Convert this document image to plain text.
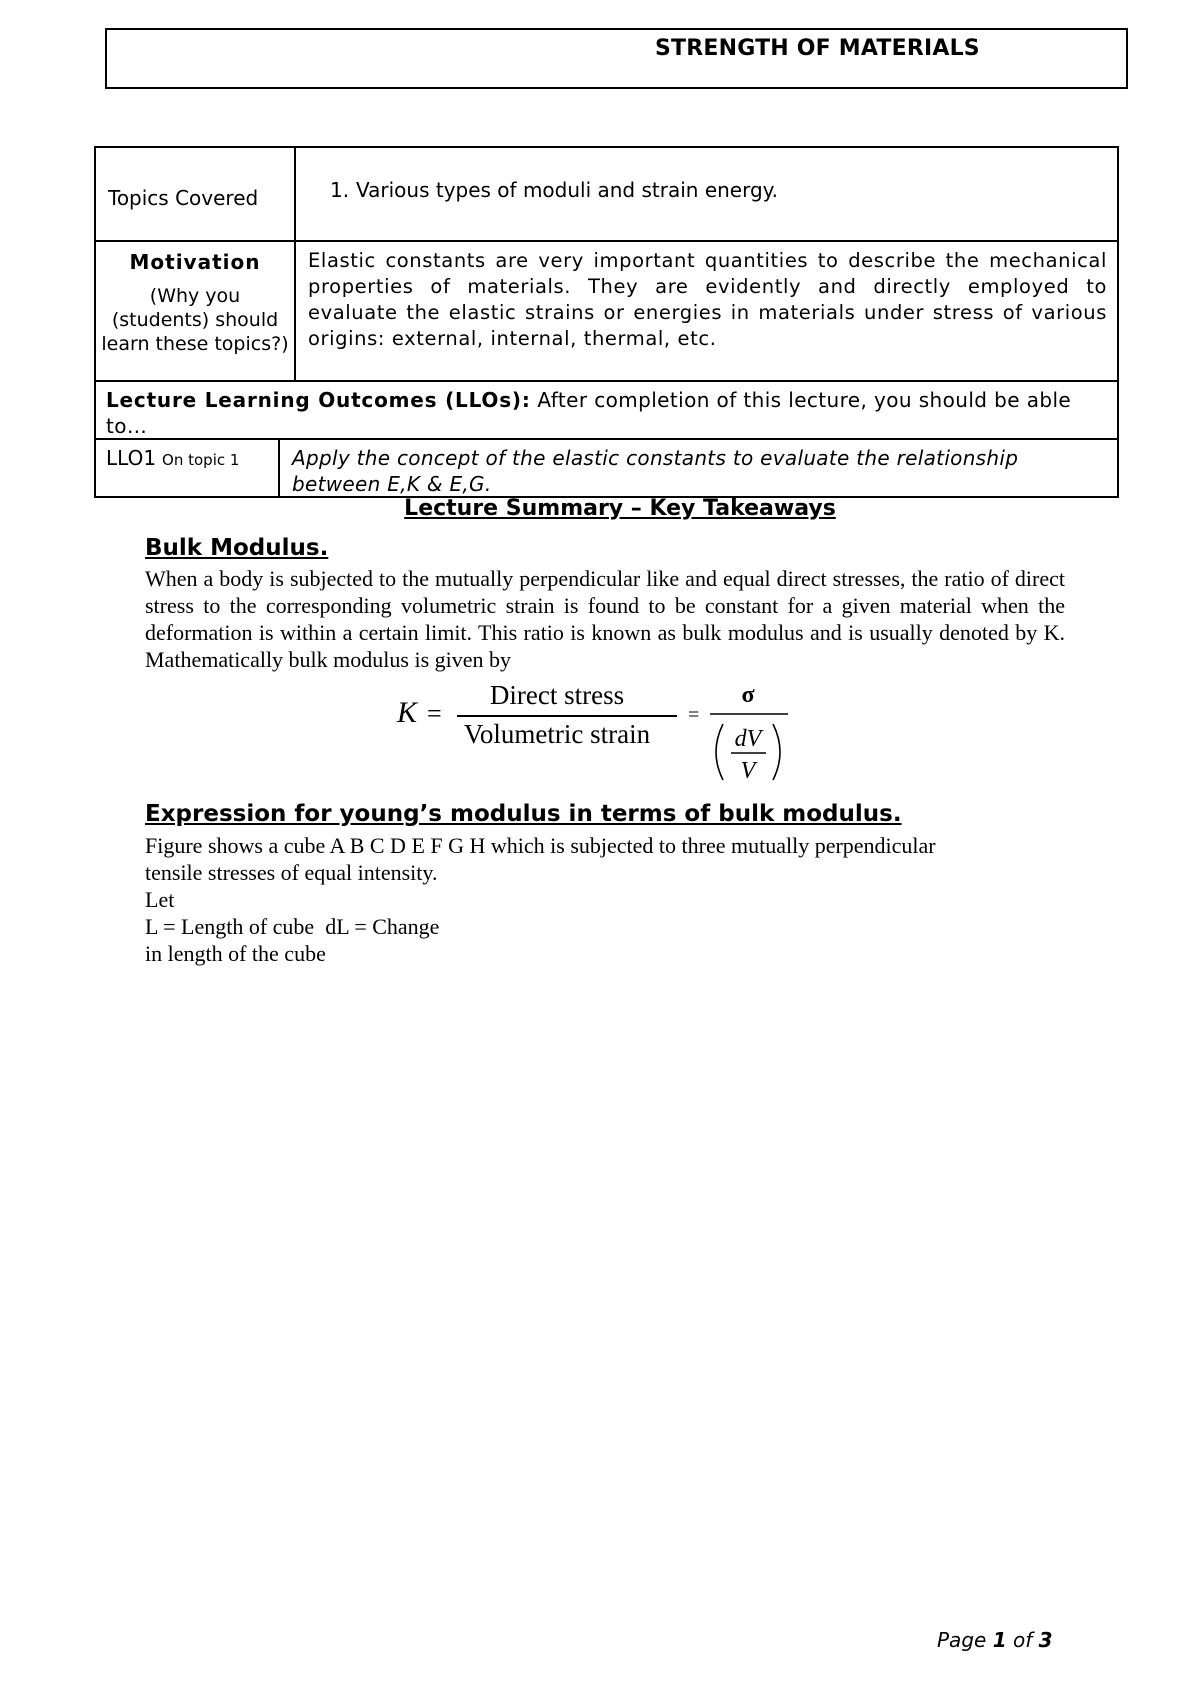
STRENGTH OF MATERIALS
Topics Covered	1. Various types of moduli and strain energy.
Motivation
(Why you (students) should learn these topics?)
Elastic constants are very important quantities to describe the mechanical properties of materials. They are evidently and directly employed to evaluate the elastic strains or energies in materials under stress of various origins: external, internal, thermal, etc.
Lecture Learning Outcomes (LLOs): After completion of this lecture, you should be able to…
LLO1 On topic 1	Apply the concept of the elastic constants to evaluate the relationship between E,K & E,G.
Lecture Summary – Key Takeaways
Bulk Modulus.
When a body is subjected to the mutually perpendicular like and equal direct stresses, the ratio of direct stress to the corresponding volumetric strain is found to be constant for a given material when the deformation is within a certain limit. This ratio is known as bulk modulus and is usually denoted by K. Mathematically bulk modulus is given by
K =
Direct stress
Volumetric strain
=
σ
dV
V
Expression for young’s modulus in terms of bulk modulus.
Figure shows a cube A B C D E F G H which is subjected to three mutually perpendicular
tensile stresses of equal intensity.
Let
L = Length of cube  dL = Change
in length of the cube
Page 1 of 3
